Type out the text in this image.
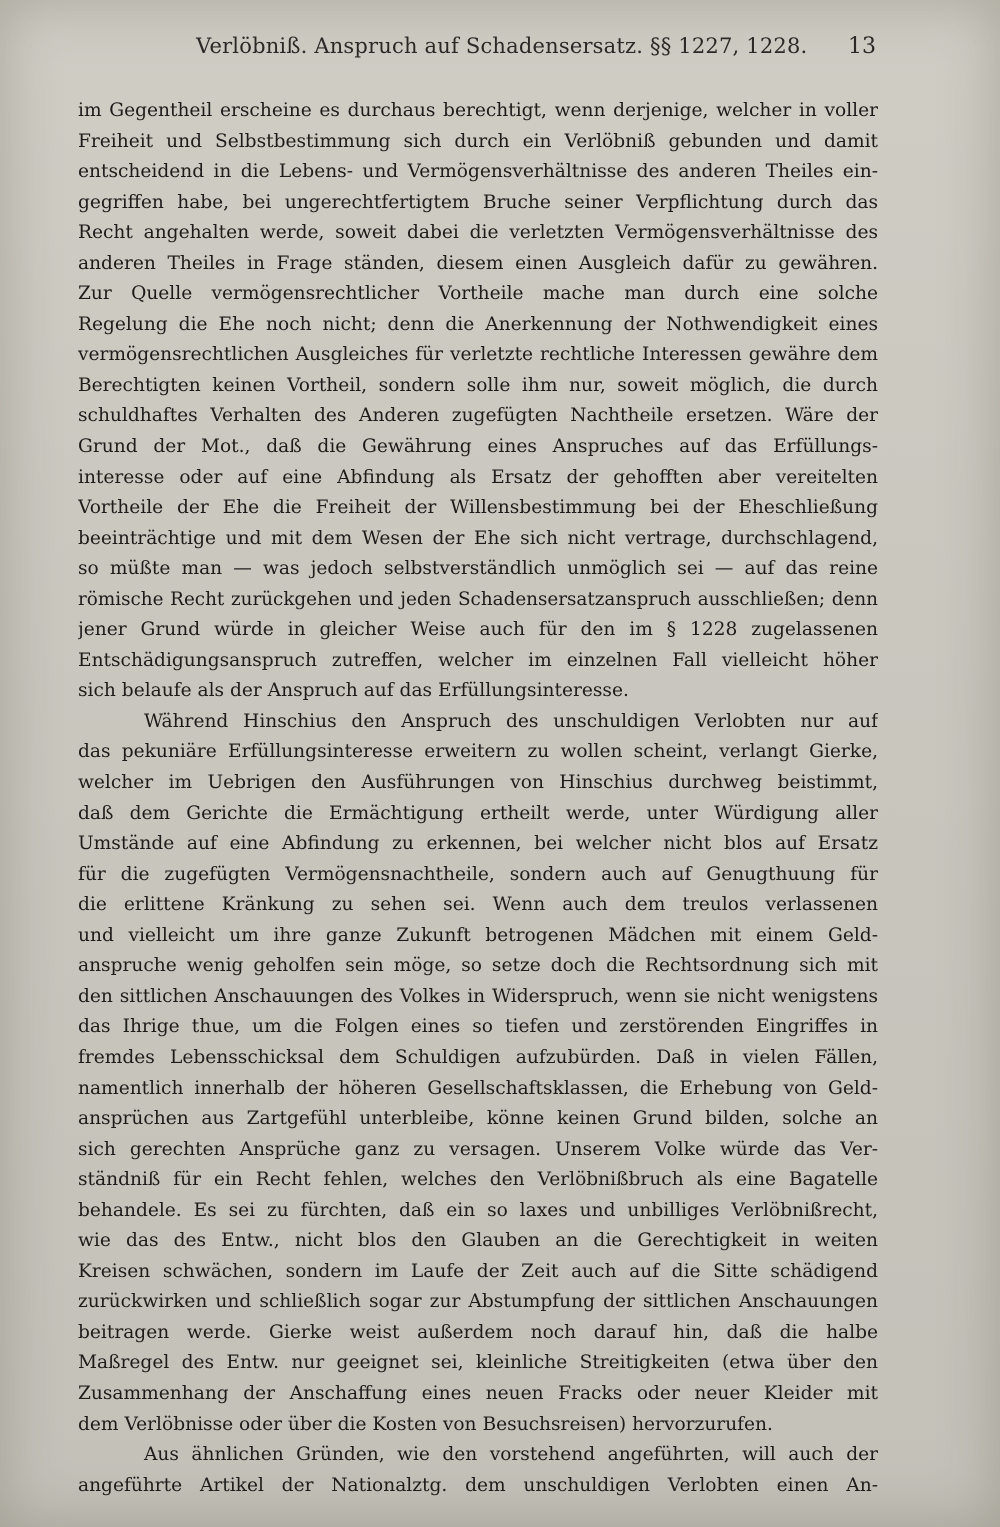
Verlöbniß. Anspruch auf Schadensersatz. §§ 1227, 1228. 13
im Gegentheil erscheine es durchaus berechtigt, wenn derjenige, welcher in voller
Freiheit und Selbstbestimmung sich durch ein Verlöbniß gebunden und damit
entscheidend in die Lebens- und Vermögensverhältnisse des anderen Theiles ein-
gegriffen habe, bei ungerechtfertigtem Bruche seiner Verpflichtung durch das
Recht angehalten werde, soweit dabei die verletzten Vermögensverhältnisse des
anderen Theiles in Frage ständen, diesem einen Ausgleich dafür zu gewähren.
Zur Quelle vermögensrechtlicher Vortheile mache man durch eine solche
Regelung die Ehe noch nicht; denn die Anerkennung der Nothwendigkeit eines
vermögensrechtlichen Ausgleiches für verletzte rechtliche Interessen gewähre dem
Berechtigten keinen Vortheil, sondern solle ihm nur, soweit möglich, die durch
schuldhaftes Verhalten des Anderen zugefügten Nachtheile ersetzen. Wäre der
Grund der Mot., daß die Gewährung eines Anspruches auf das Erfüllungs-
interesse oder auf eine Abfindung als Ersatz der gehofften aber vereitelten
Vortheile der Ehe die Freiheit der Willensbestimmung bei der Eheschließung
beeinträchtige und mit dem Wesen der Ehe sich nicht vertrage, durchschlagend,
so müßte man — was jedoch selbstverständlich unmöglich sei — auf das reine
römische Recht zurückgehen und jeden Schadensersatzanspruch ausschließen; denn
jener Grund würde in gleicher Weise auch für den im § 1228 zugelassenen
Entschädigungsanspruch zutreffen, welcher im einzelnen Fall vielleicht höher
sich belaufe als der Anspruch auf das Erfüllungsinteresse.
Während Hinschius den Anspruch des unschuldigen Verlobten nur auf
das pekuniäre Erfüllungsinteresse erweitern zu wollen scheint, verlangt Gierke,
welcher im Uebrigen den Ausführungen von Hinschius durchweg beistimmt,
daß dem Gerichte die Ermächtigung ertheilt werde, unter Würdigung aller
Umstände auf eine Abfindung zu erkennen, bei welcher nicht blos auf Ersatz
für die zugefügten Vermögensnachtheile, sondern auch auf Genugthuung für
die erlittene Kränkung zu sehen sei. Wenn auch dem treulos verlassenen
und vielleicht um ihre ganze Zukunft betrogenen Mädchen mit einem Geld-
anspruche wenig geholfen sein möge, so setze doch die Rechtsordnung sich mit
den sittlichen Anschauungen des Volkes in Widerspruch, wenn sie nicht wenigstens
das Ihrige thue, um die Folgen eines so tiefen und zerstörenden Eingriffes in
fremdes Lebensschicksal dem Schuldigen aufzubürden. Daß in vielen Fällen,
namentlich innerhalb der höheren Gesellschaftsklassen, die Erhebung von Geld-
ansprüchen aus Zartgefühl unterbleibe, könne keinen Grund bilden, solche an
sich gerechten Ansprüche ganz zu versagen. Unserem Volke würde das Ver-
ständniß für ein Recht fehlen, welches den Verlöbnißbruch als eine Bagatelle
behandele. Es sei zu fürchten, daß ein so laxes und unbilliges Verlöbnißrecht,
wie das des Entw., nicht blos den Glauben an die Gerechtigkeit in weiten
Kreisen schwächen, sondern im Laufe der Zeit auch auf die Sitte schädigend
zurückwirken und schließlich sogar zur Abstumpfung der sittlichen Anschauungen
beitragen werde. Gierke weist außerdem noch darauf hin, daß die halbe
Maßregel des Entw. nur geeignet sei, kleinliche Streitigkeiten (etwa über den
Zusammenhang der Anschaffung eines neuen Fracks oder neuer Kleider mit
dem Verlöbnisse oder über die Kosten von Besuchsreisen) hervorzurufen.
Aus ähnlichen Gründen, wie den vorstehend angeführten, will auch der
angeführte Artikel der Nationalztg. dem unschuldigen Verlobten einen An-
